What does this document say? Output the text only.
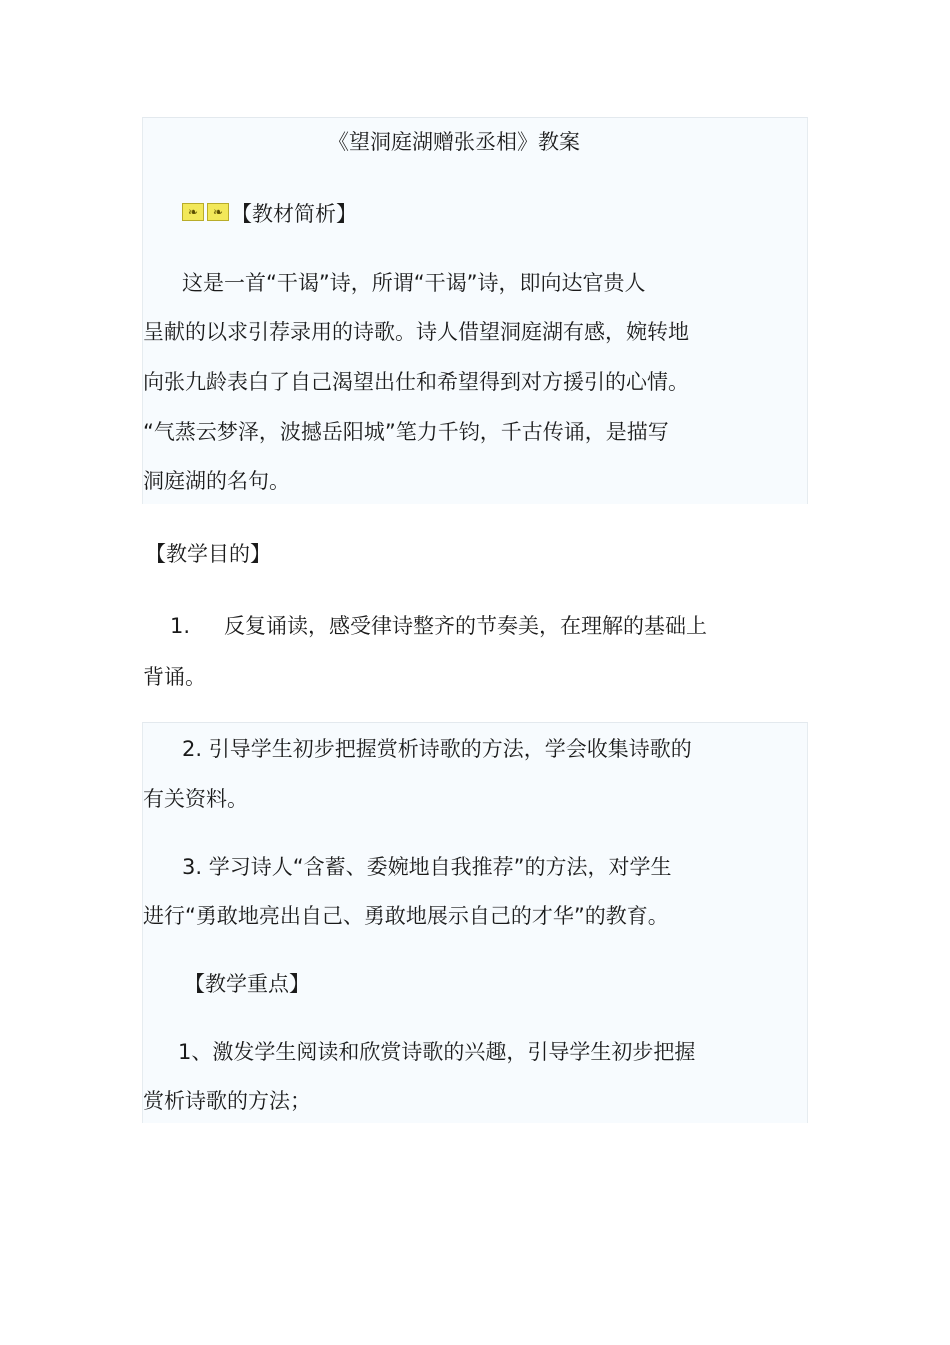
《望洞庭湖赠张丞相》教案
❧	❧ 【教材简析】
这是一首“干谒”诗，所谓“干谒”诗，即向达官贵人
呈献的以求引荐录用的诗歌。诗人借望洞庭湖有感，婉转地
向张九龄表白了自己渴望出仕和希望得到对方援引的心情。
“气蒸云梦泽，波撼岳阳城”笔力千钧，千古传诵，是描写
洞庭湖的名句。
【教学目的】
1. 反复诵读，感受律诗整齐的节奏美，在理解的基础上
背诵。
2. 引导学生初步把握赏析诗歌的方法，学会收集诗歌的
有关资料。
3. 学习诗人“含蓄、委婉地自我推荐”的方法，对学生
进行“勇敢地亮出自己、勇敢地展示自己的才华”的教育。
【教学重点】
1、激发学生阅读和欣赏诗歌的兴趣，引导学生初步把握
赏析诗歌的方法；
